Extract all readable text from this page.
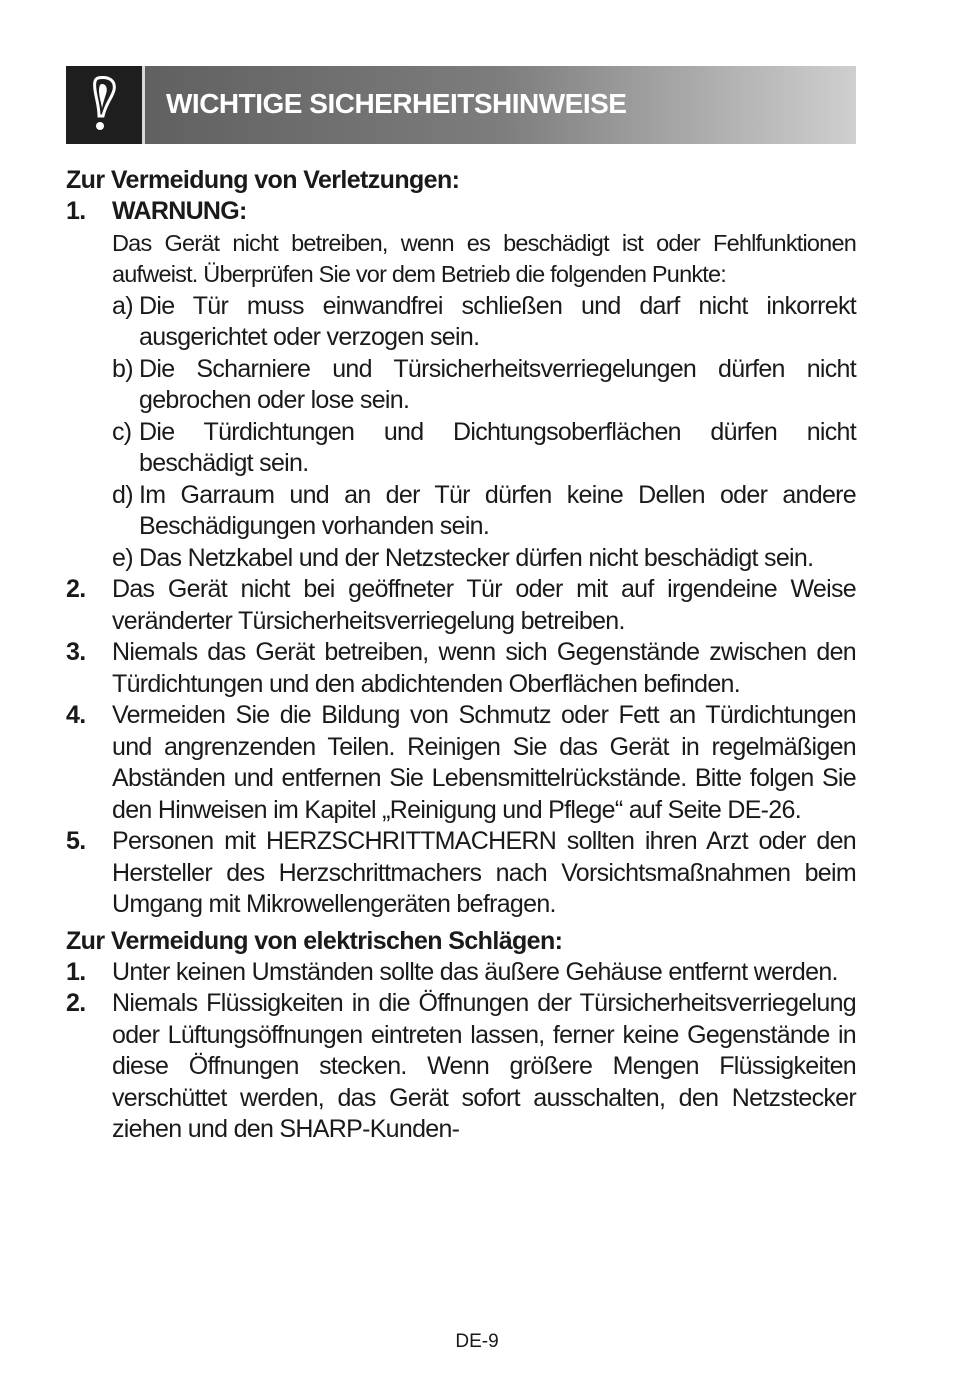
WICHTIGE SICHERHEITSHINWEISE
Zur Vermeidung von Verletzungen:
1. WARNUNG:
Das Gerät nicht betreiben, wenn es beschädigt ist oder Fehlfunktionen aufweist. Überprüfen Sie vor dem Betrieb die folgenden Punkte:
a) Die Tür muss einwandfrei schließen und darf nicht inkorrekt ausgerichtet oder verzogen sein.
b) Die Scharniere und Türsicherheitsverriegelungen dürfen nicht gebrochen oder lose sein.
c) Die Türdichtungen und Dichtungsoberflächen dürfen nicht beschädigt sein.
d) Im Garraum und an der Tür dürfen keine Dellen oder andere Beschädigungen vorhanden sein.
e) Das Netzkabel und der Netzstecker dürfen nicht beschädigt sein.
2. Das Gerät nicht bei geöffneter Tür oder mit auf irgendeine Weise veränderter Türsicherheitsverriegelung betreiben.
3. Niemals das Gerät betreiben, wenn sich Gegenstände zwischen den Türdichtungen und den abdichtenden Oberflächen befinden.
4. Vermeiden Sie die Bildung von Schmutz oder Fett an Türdichtungen und angrenzenden Teilen. Reinigen Sie das Gerät in regelmäßigen Abständen und entfernen Sie Lebensmittelrückstände. Bitte folgen Sie den Hinweisen im Kapitel „Reinigung und Pflege“ auf Seite DE-26.
5. Personen mit HERZSCHRITTMACHERN sollten ihren Arzt oder den Hersteller des Herzschrittmachers nach Vorsichtsmaßnahmen beim Umgang mit Mikrowellengeräten befragen.
Zur Vermeidung von elektrischen Schlägen:
1. Unter keinen Umständen sollte das äußere Gehäuse entfernt werden.
2. Niemals Flüssigkeiten in die Öffnungen der Türsicherheitsverriegelung oder Lüftungsöffnungen eintreten lassen, ferner keine Gegenstände in diese Öffnungen stecken. Wenn größere Mengen Flüssigkeiten verschüttet werden, das Gerät sofort ausschalten, den Netzstecker ziehen und den SHARP-Kunden-
DE-9
